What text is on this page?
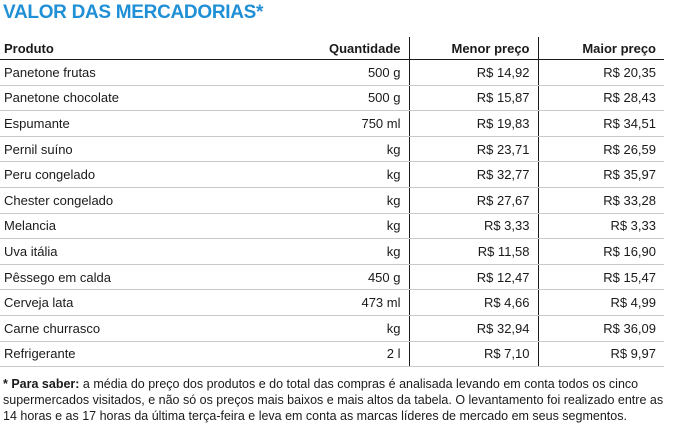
VALOR DAS MERCADORIAS*
Produto	Quantidade	Menor preço	Maior preço
Panetone frutas	500 g	R$ 14,92	R$ 20,35
Panetone chocolate	500 g	R$ 15,87	R$ 28,43
Espumante	750 ml	R$ 19,83	R$ 34,51
Pernil suíno	kg	R$ 23,71	R$ 26,59
Peru congelado	kg	R$ 32,77	R$ 35,97
Chester congelado	kg	R$ 27,67	R$ 33,28
Melancia	kg	R$ 3,33	R$ 3,33
Uva itália	kg	R$ 11,58	R$ 16,90
Pêssego em calda	450 g	R$ 12,47	R$ 15,47
Cerveja lata	473 ml	R$ 4,66	R$ 4,99
Carne churrasco	kg	R$ 32,94	R$ 36,09
Refrigerante	2 l	R$ 7,10	R$ 9,97
* Para saber: a média do preço dos produtos e do total das compras é analisada levando em conta todos os cinco supermercados visitados, e não só os preços mais baixos e mais altos da tabela. O levantamento foi realizado entre as 14 horas e as 17 horas da última terça-feira e leva em conta as marcas líderes de mercado em seus segmentos.
